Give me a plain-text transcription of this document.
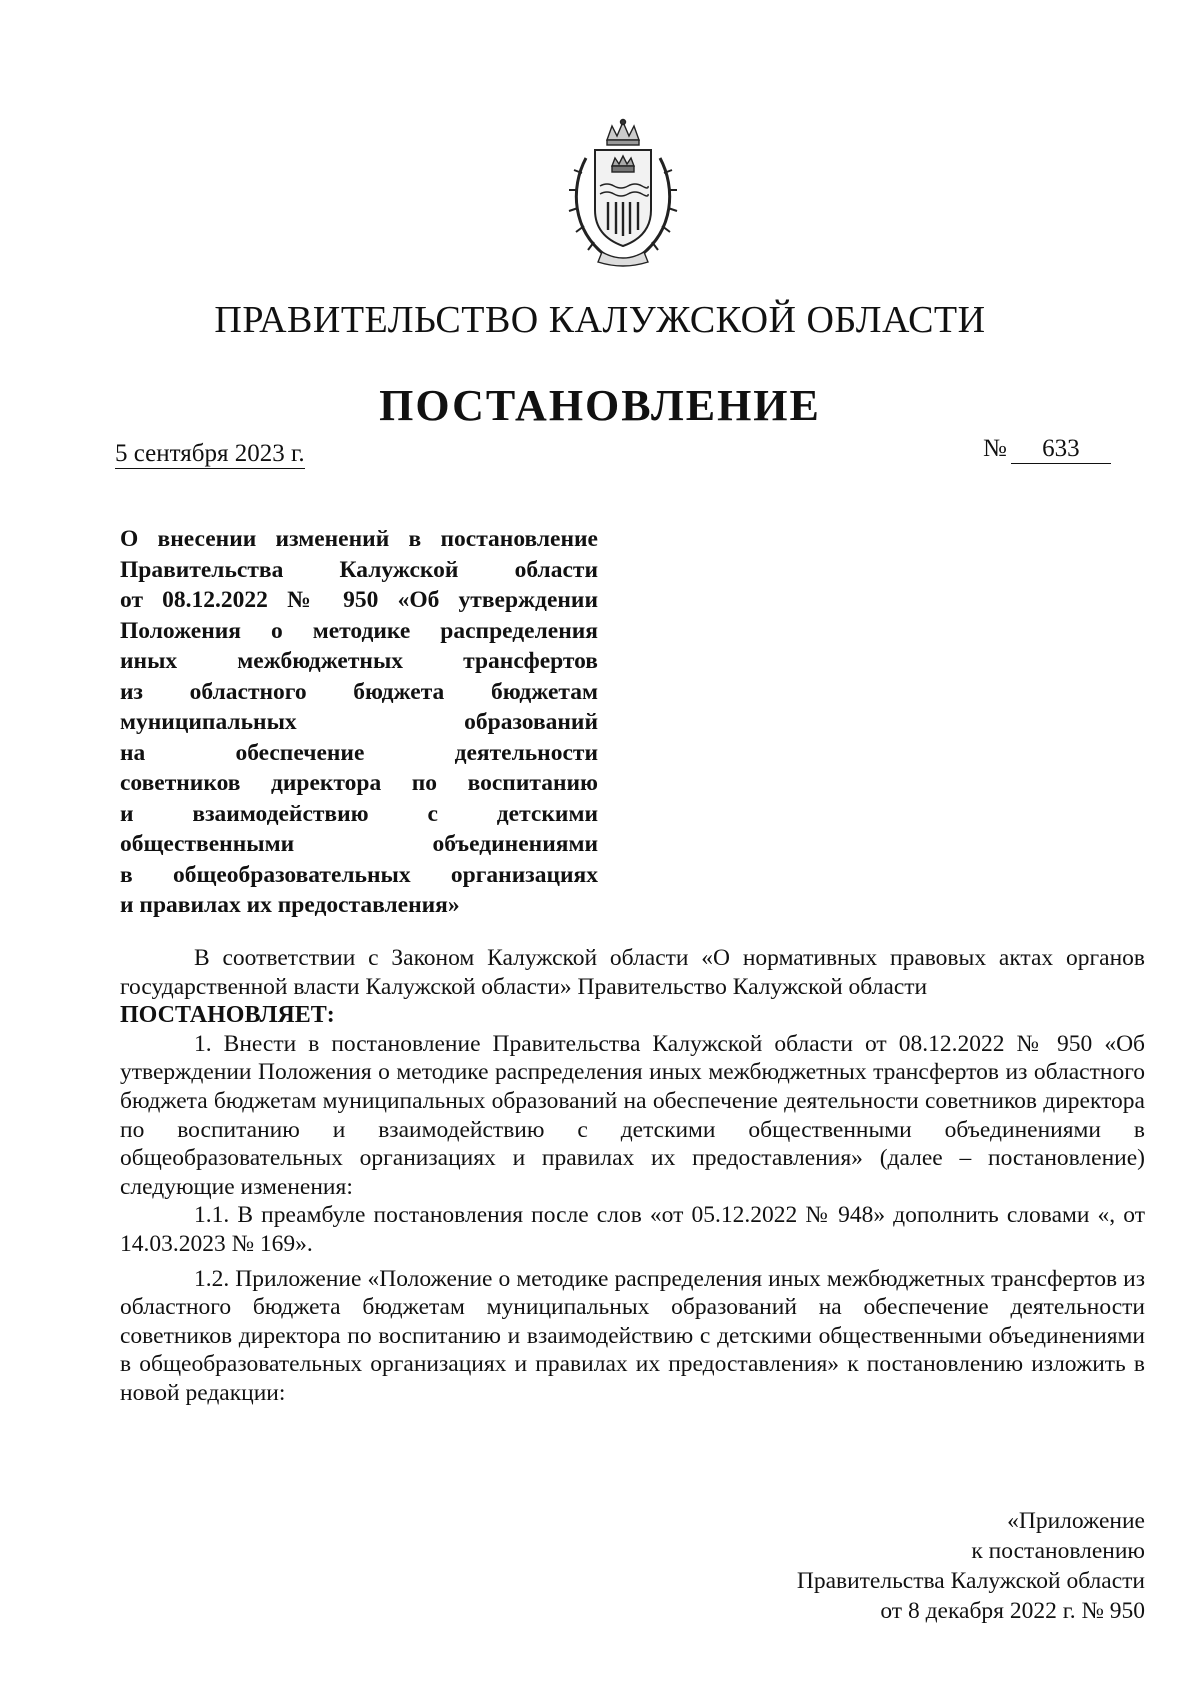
ПРАВИТЕЛЬСТВО КАЛУЖСКОЙ ОБЛАСТИ
ПОСТАНОВЛЕНИЕ
5 сентября 2023 г.	№ 633
О внесении изменений в постановление
Правительства Калужской области
от 08.12.2022 № 950 «Об утверждении
Положения о методике распределения
иных межбюджетных трансфертов
из областного бюджета бюджетам
муниципальных образований
на обеспечение деятельности
советников директора по воспитанию
и взаимодействию с детскими
общественными объединениями
в общеобразовательных организациях
и правилах их предоставления»

В соответствии с Законом Калужской области «О нормативных правовых актах органов государственной власти Калужской области» Правительство Калужской области

ПОСТАНОВЛЯЕТ:

1. Внести в постановление Правительства Калужской области от 08.12.2022 № 950 «Об утверждении Положения о методике распределения иных межбюджетных трансфертов из областного бюджета бюджетам муниципальных образований на обеспечение деятельности советников директора по воспитанию и взаимодействию с детскими общественными объединениями в общеобразовательных организациях и правилах их предоставления» (далее – постановление) следующие изменения:

1.1. В преамбуле постановления после слов «от 05.12.2022 № 948» дополнить словами «, от 14.03.2023 № 169».

1.2. Приложение «Положение о методике распределения иных межбюджетных трансфертов из областного бюджета бюджетам муниципальных образований на обеспечение деятельности советников директора по воспитанию и взаимодействию с детскими общественными объединениями в общеобразовательных организациях и правилах их предоставления» к постановлению изложить в новой редакции:

«Приложение
к постановлению
Правительства Калужской области
от 8 декабря 2022 г. № 950
